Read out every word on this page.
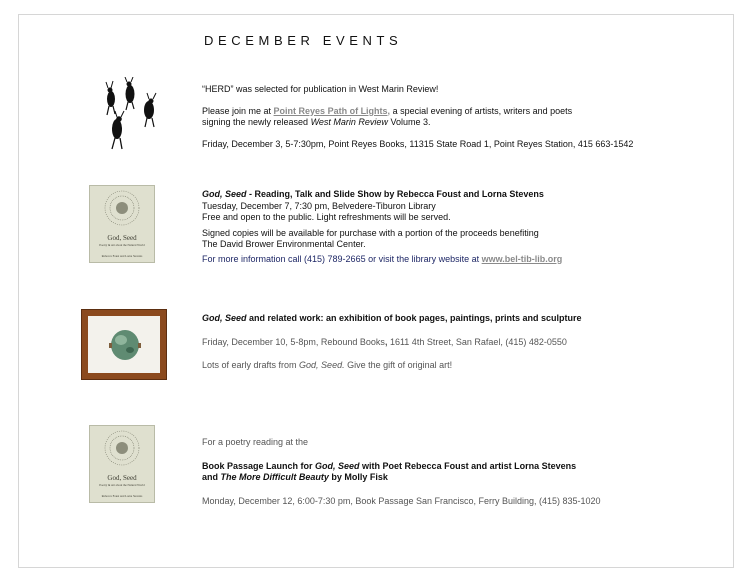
DECEMBER EVENTS

“HERD” was selected for publication in West Marin Review!

Please join me at Point Reyes Path of Lights, a special evening of artists, writers and poets

signing the newly released West Marin Review Volume 3.

Friday, December 3, 5-7:30pm, Point Reyes Books, 11315 State Road 1, Point Reyes Station, 415 663-1542

God, Seed
Poetry & Art about the Natural World
Rebecca Foust and Lorna Stevens

God, Seed - Reading, Talk and Slide Show by Rebecca Foust and Lorna Stevens

Tuesday, December 7, 7:30 pm, Belvedere-Tiburon Library

Free and open to the public. Light refreshments will be served.

Signed copies will be available for purchase with a portion of the proceeds benefiting

The David Brower Environmental Center.

For more information call (415) 789-2665 or visit the library website at www.bel-tib-lib.org

God, Seed and related work: an exhibition of book pages, paintings, prints and sculpture

Friday, December 10, 5-8pm, Rebound Books, 1611 4th Street, San Rafael, (415) 482-0550

Lots of early drafts from God, Seed. Give the gift of original art!

God, Seed
Poetry & Art about the Natural World
Rebecca Foust and Lorna Stevens

For a poetry reading at the

Book Passage Launch for God, Seed with Poet Rebecca Foust and artist Lorna Stevens

and The More Difficult Beauty by Molly Fisk

Monday, December 12, 6:00-7:30 pm, Book Passage San Francisco, Ferry Building, (415) 835-1020
